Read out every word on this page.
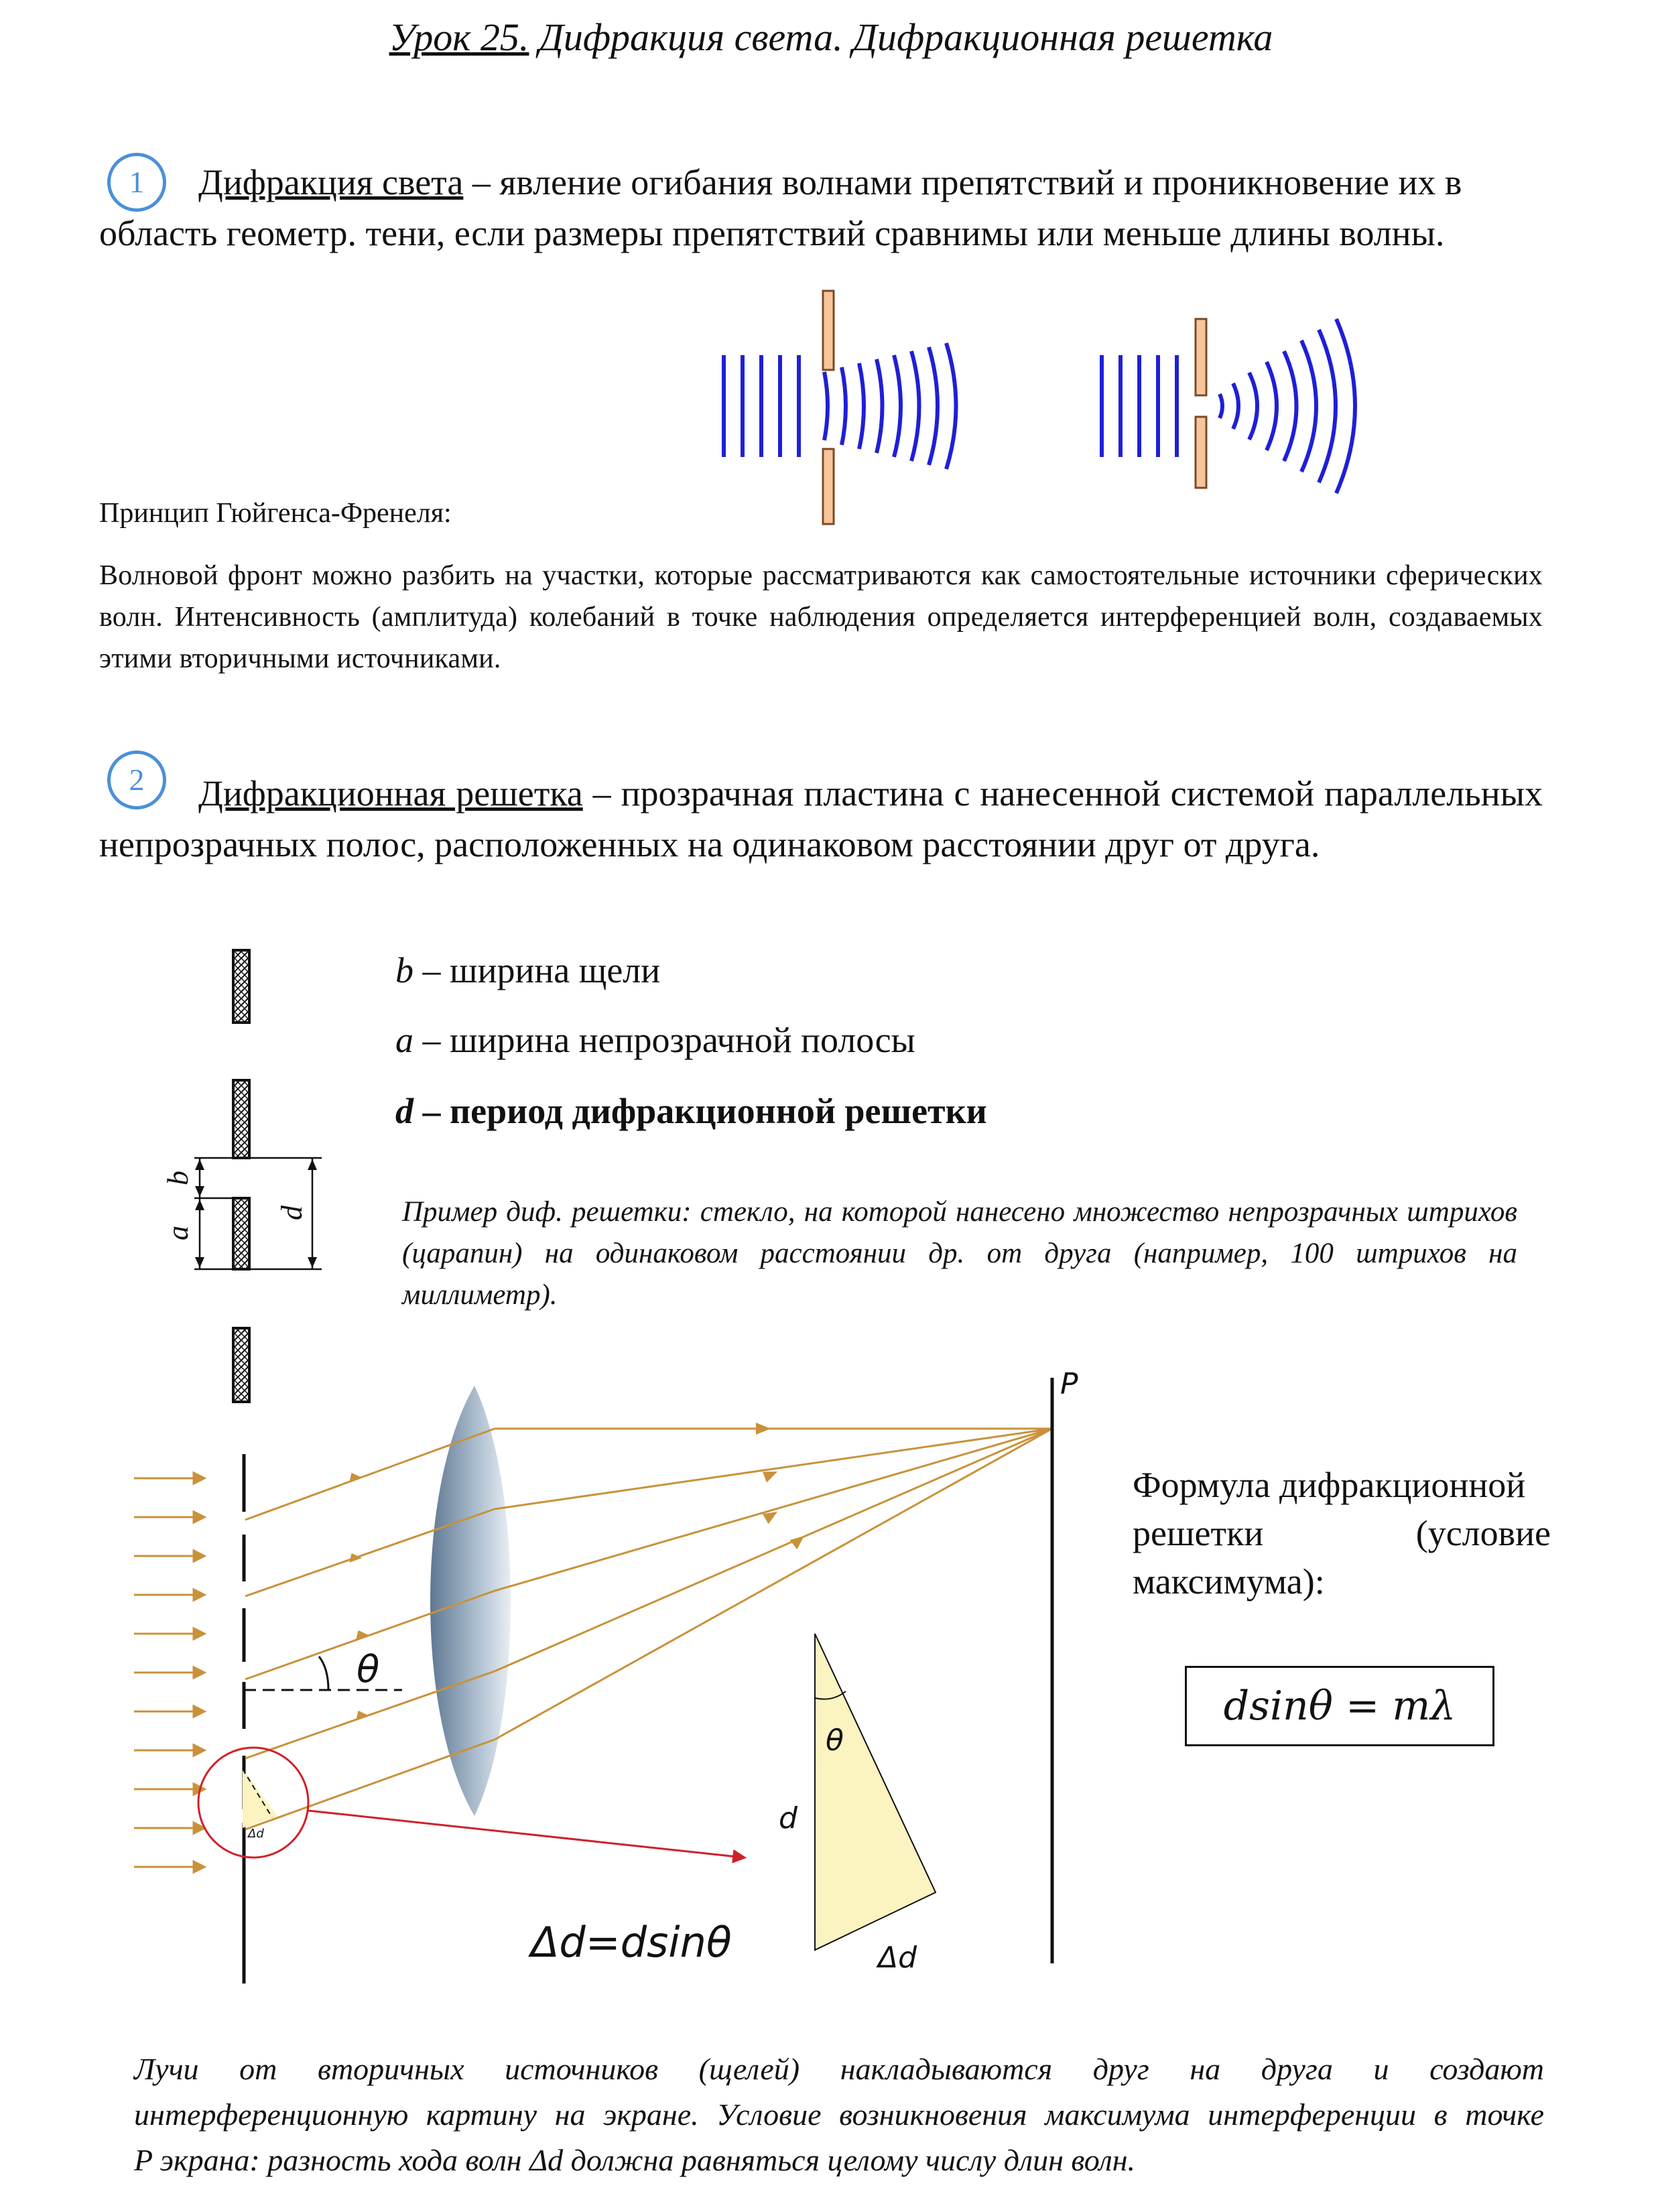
Урок 25. Дифракция света. Дифракционная решетка
1	Дифракция света – явление огибания волнами препятствий и проникновение их в
область геометр. тени, если размеры препятствий сравнимы или меньше длины волны.
Принцип Гюйгенса-Френеля:
Волновой фронт можно разбить на участки, которые рассматриваются как самостоятельные источники сферических волн. Интенсивность (амплитуда) колебаний в точке наблюдения определяется интерференцией волн, создаваемых этими вторичными источниками.
2	Дифракционная решетка – прозрачная пластина с нанесенной системой параллельных непрозрачных полос, расположенных на одинаковом расстоянии друг от друга.
b
a
d
b – ширина щели
a – ширина непрозрачной полосы
d – период дифракционной решетки
Пример диф. решетки: стекло, на которой нанесено множество непрозрачных штрихов (царапин) на одинаковом расстоянии др. от друга (например, 100 штрихов на миллиметр).
P
θ
Δd
θ
d
Δd
Δd=dsinθ
Формула дифракционной
решетки	(условие
максимума):
dsinθ = mλ
Лучи от вторичных источников (щелей) накладываются друг на друга и создают
интерференционную картину на экране. Условие возникновения максимума интерференции в точке
P экрана: разность хода волн Δd должна равняться целому числу длин волн.
